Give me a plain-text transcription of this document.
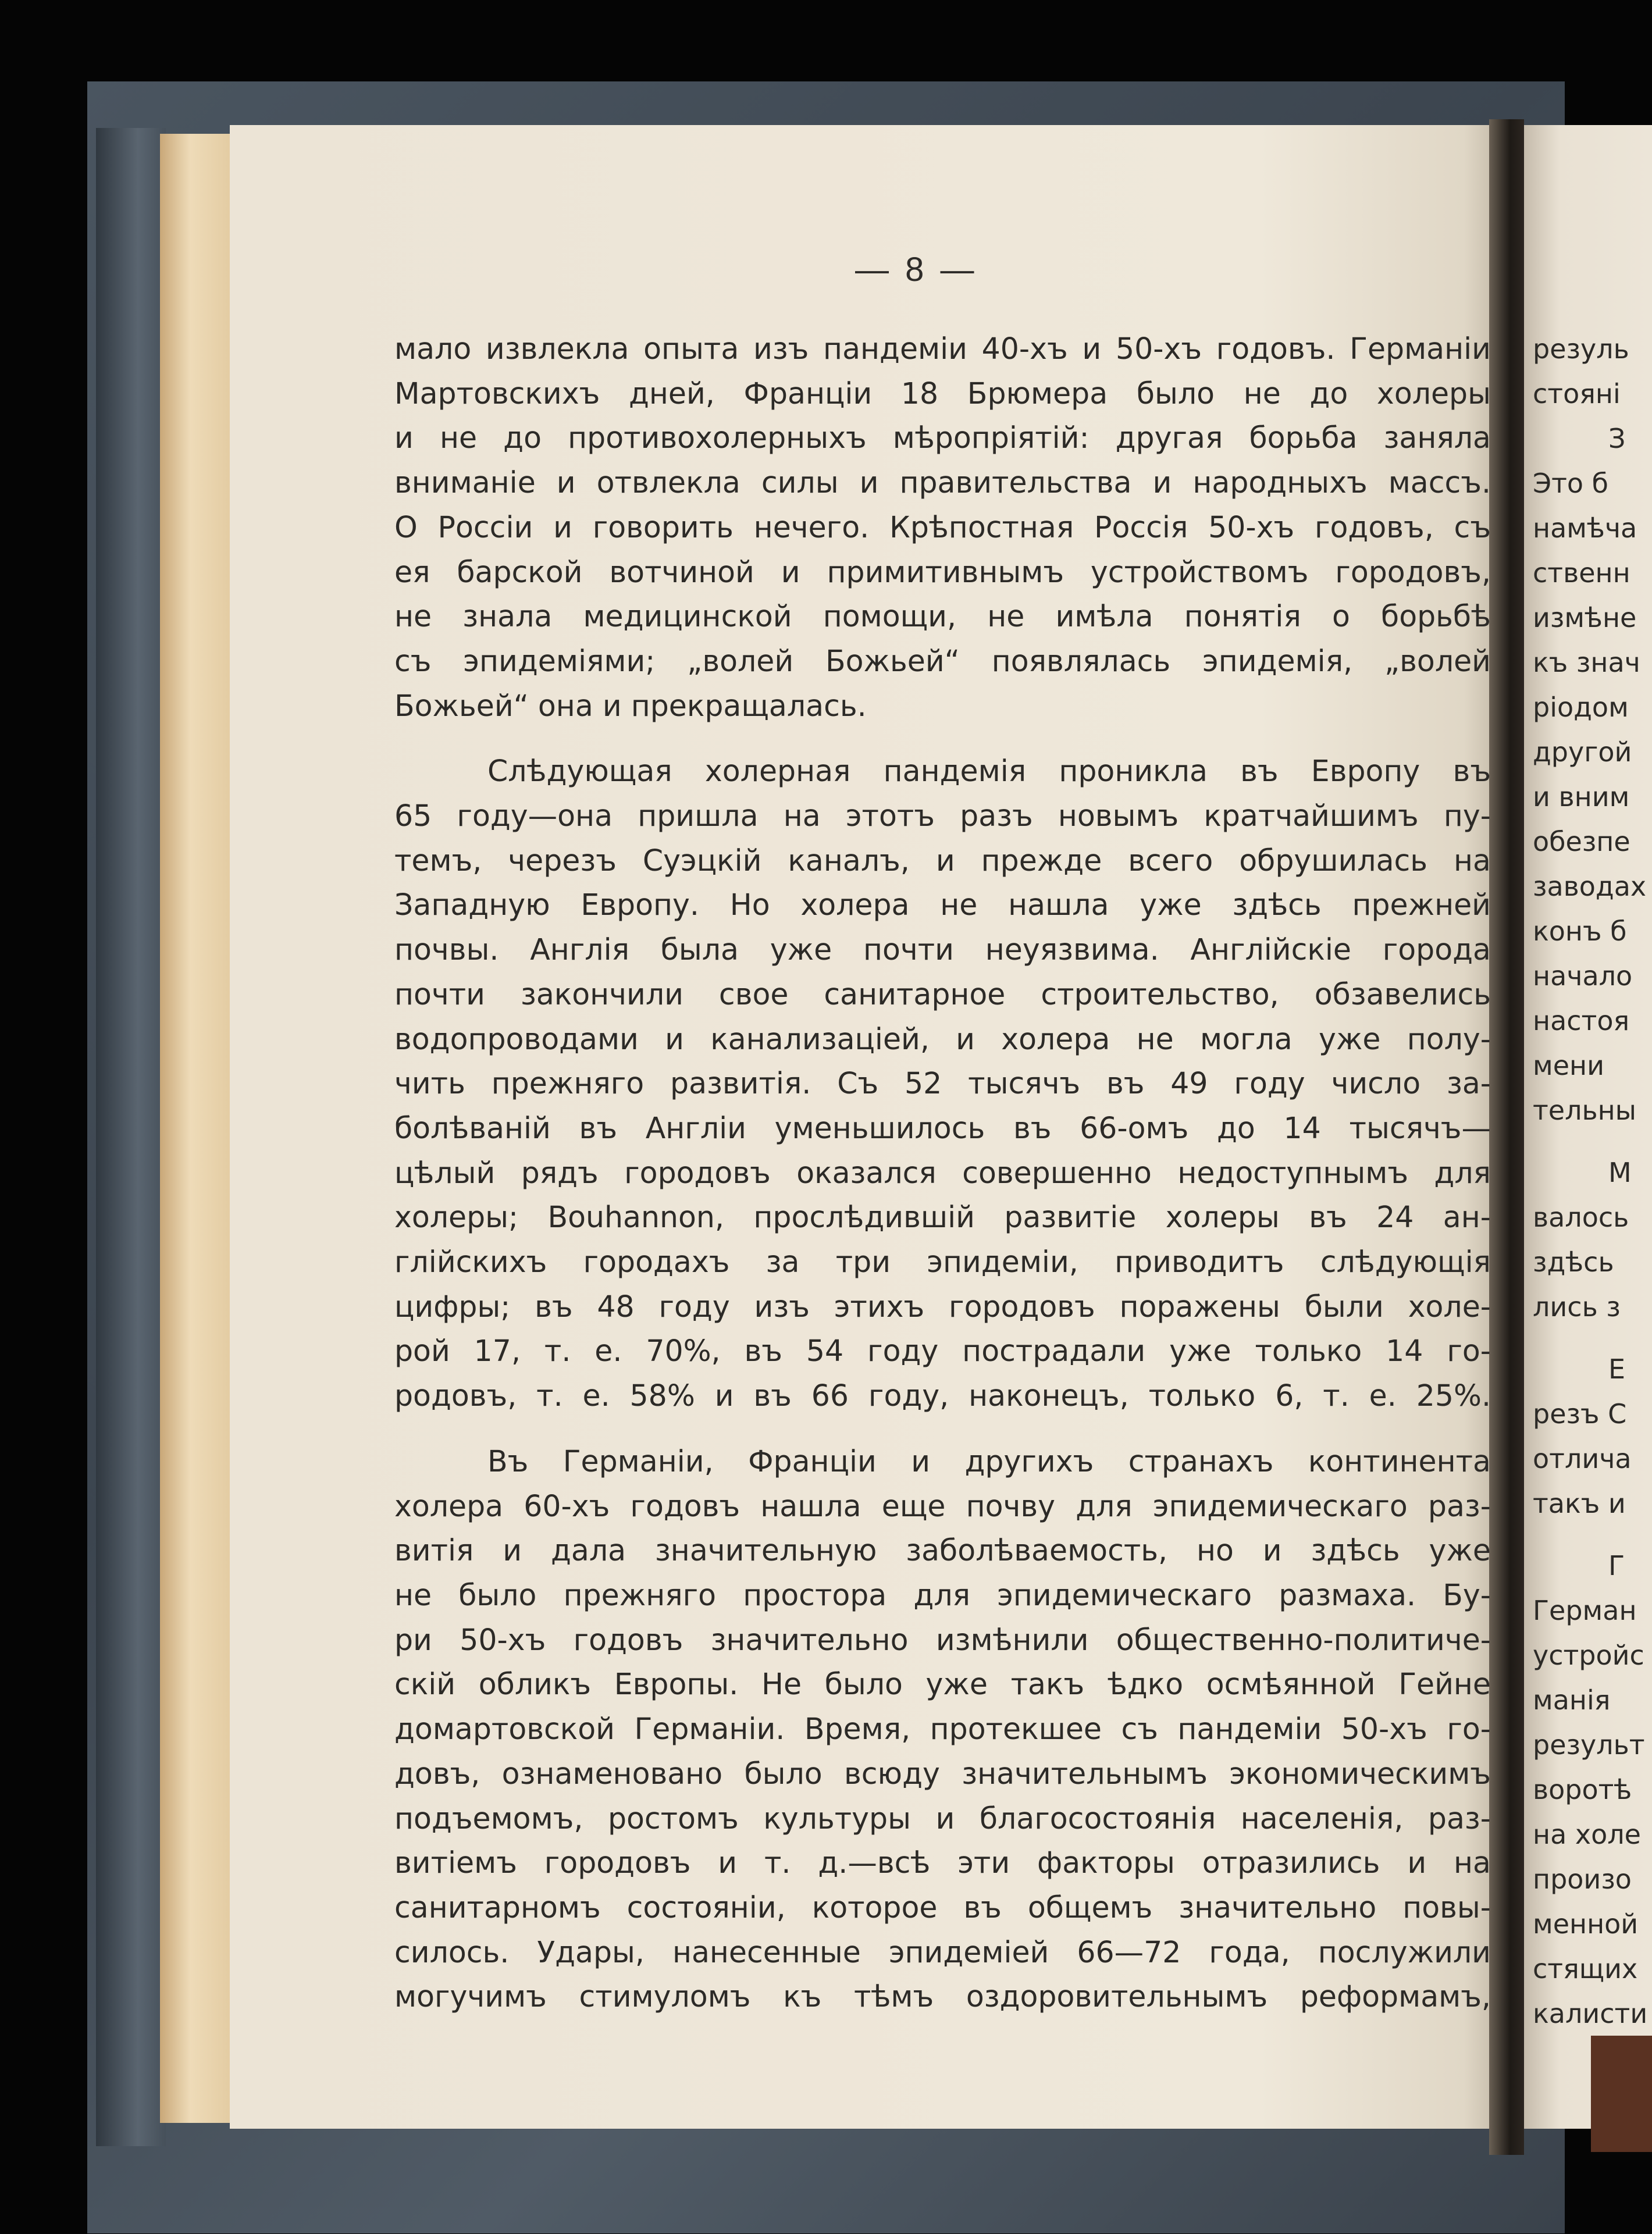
— 8 —
мало извлекла опыта изъ пандеміи 40-хъ и 50-хъ годовъ. Германіи
Мартовскихъ дней, Франціи 18 Брюмера было не до холеры
и не до противохолерныхъ мѣропріятій: другая борьба заняла
вниманіе и отвлекла силы и правительства и народныхъ массъ.
О Россіи и говорить нечего. Крѣпостная Россія 50-хъ годовъ, съ
ея барской вотчиной и примитивнымъ устройствомъ городовъ,
не знала медицинской помощи, не имѣла понятія о борьбѣ
съ эпидеміями; „волей Божьей“ появлялась эпидемія, „волей
Божьей“ она и прекращалась.
Слѣдующая холерная пандемія проникла въ Европу въ
65 году—она пришла на этотъ разъ новымъ кратчайшимъ пу-
темъ, черезъ Суэцкій каналъ, и прежде всего обрушилась на
Западную Европу. Но холера не нашла уже здѣсь прежней
почвы. Англія была уже почти неуязвима. Англійскіе города
почти закончили свое санитарное строительство, обзавелись
водопроводами и канализаціей, и холера не могла уже полу-
чить прежняго развитія. Съ 52 тысячъ въ 49 году число за-
болѣваній въ Англіи уменьшилось въ 66-омъ до 14 тысячъ—
цѣлый рядъ городовъ оказался совершенно недоступнымъ для
холеры; Bouhannon, прослѣдившій развитіе холеры въ 24 ан-
глійскихъ городахъ за три эпидеміи, приводитъ слѣдующія
цифры; въ 48 году изъ этихъ городовъ поражены были холе-
рой 17, т. е. 70%, въ 54 году пострадали уже только 14 го-
родовъ, т. е. 58% и въ 66 году, наконецъ, только 6, т. е. 25%.
Въ Германіи, Франціи и другихъ странахъ континента
холера 60-хъ годовъ нашла еще почву для эпидемическаго раз-
витія и дала значительную заболѣваемость, но и здѣсь уже
не было прежняго простора для эпидемическаго размаха. Бу-
ри 50-хъ годовъ значительно измѣнили общественно-политиче-
скій обликъ Европы. Не было уже такъ ѣдко осмѣянной Гейне
домартовской Германіи. Время, протекшее съ пандеміи 50-хъ го-
довъ, ознаменовано было всюду значительнымъ экономическимъ
подъемомъ, ростомъ культуры и благосостоянія населенія, раз-
витіемъ городовъ и т. д.—всѣ эти факторы отразились и на
санитарномъ состояніи, которое въ общемъ значительно повы-
силось. Удары, нанесенные эпидеміей 66—72 года, послужили
могучимъ стимуломъ къ тѣмъ оздоровительнымъ реформамъ,
резуль
стояні
З
Это б
намѣча
ственн
измѣне
къ знач
ріодом
другой
и вним
обезпе
заводах
конъ б
начало
настоя
мени
тельны
М
валось
здѣсь
лись з
Е
резъ С
отлича
такъ и
Г
Герман
устройс
манія
результ
воротѣ
на холе
произо
менной
стящих
калисти
